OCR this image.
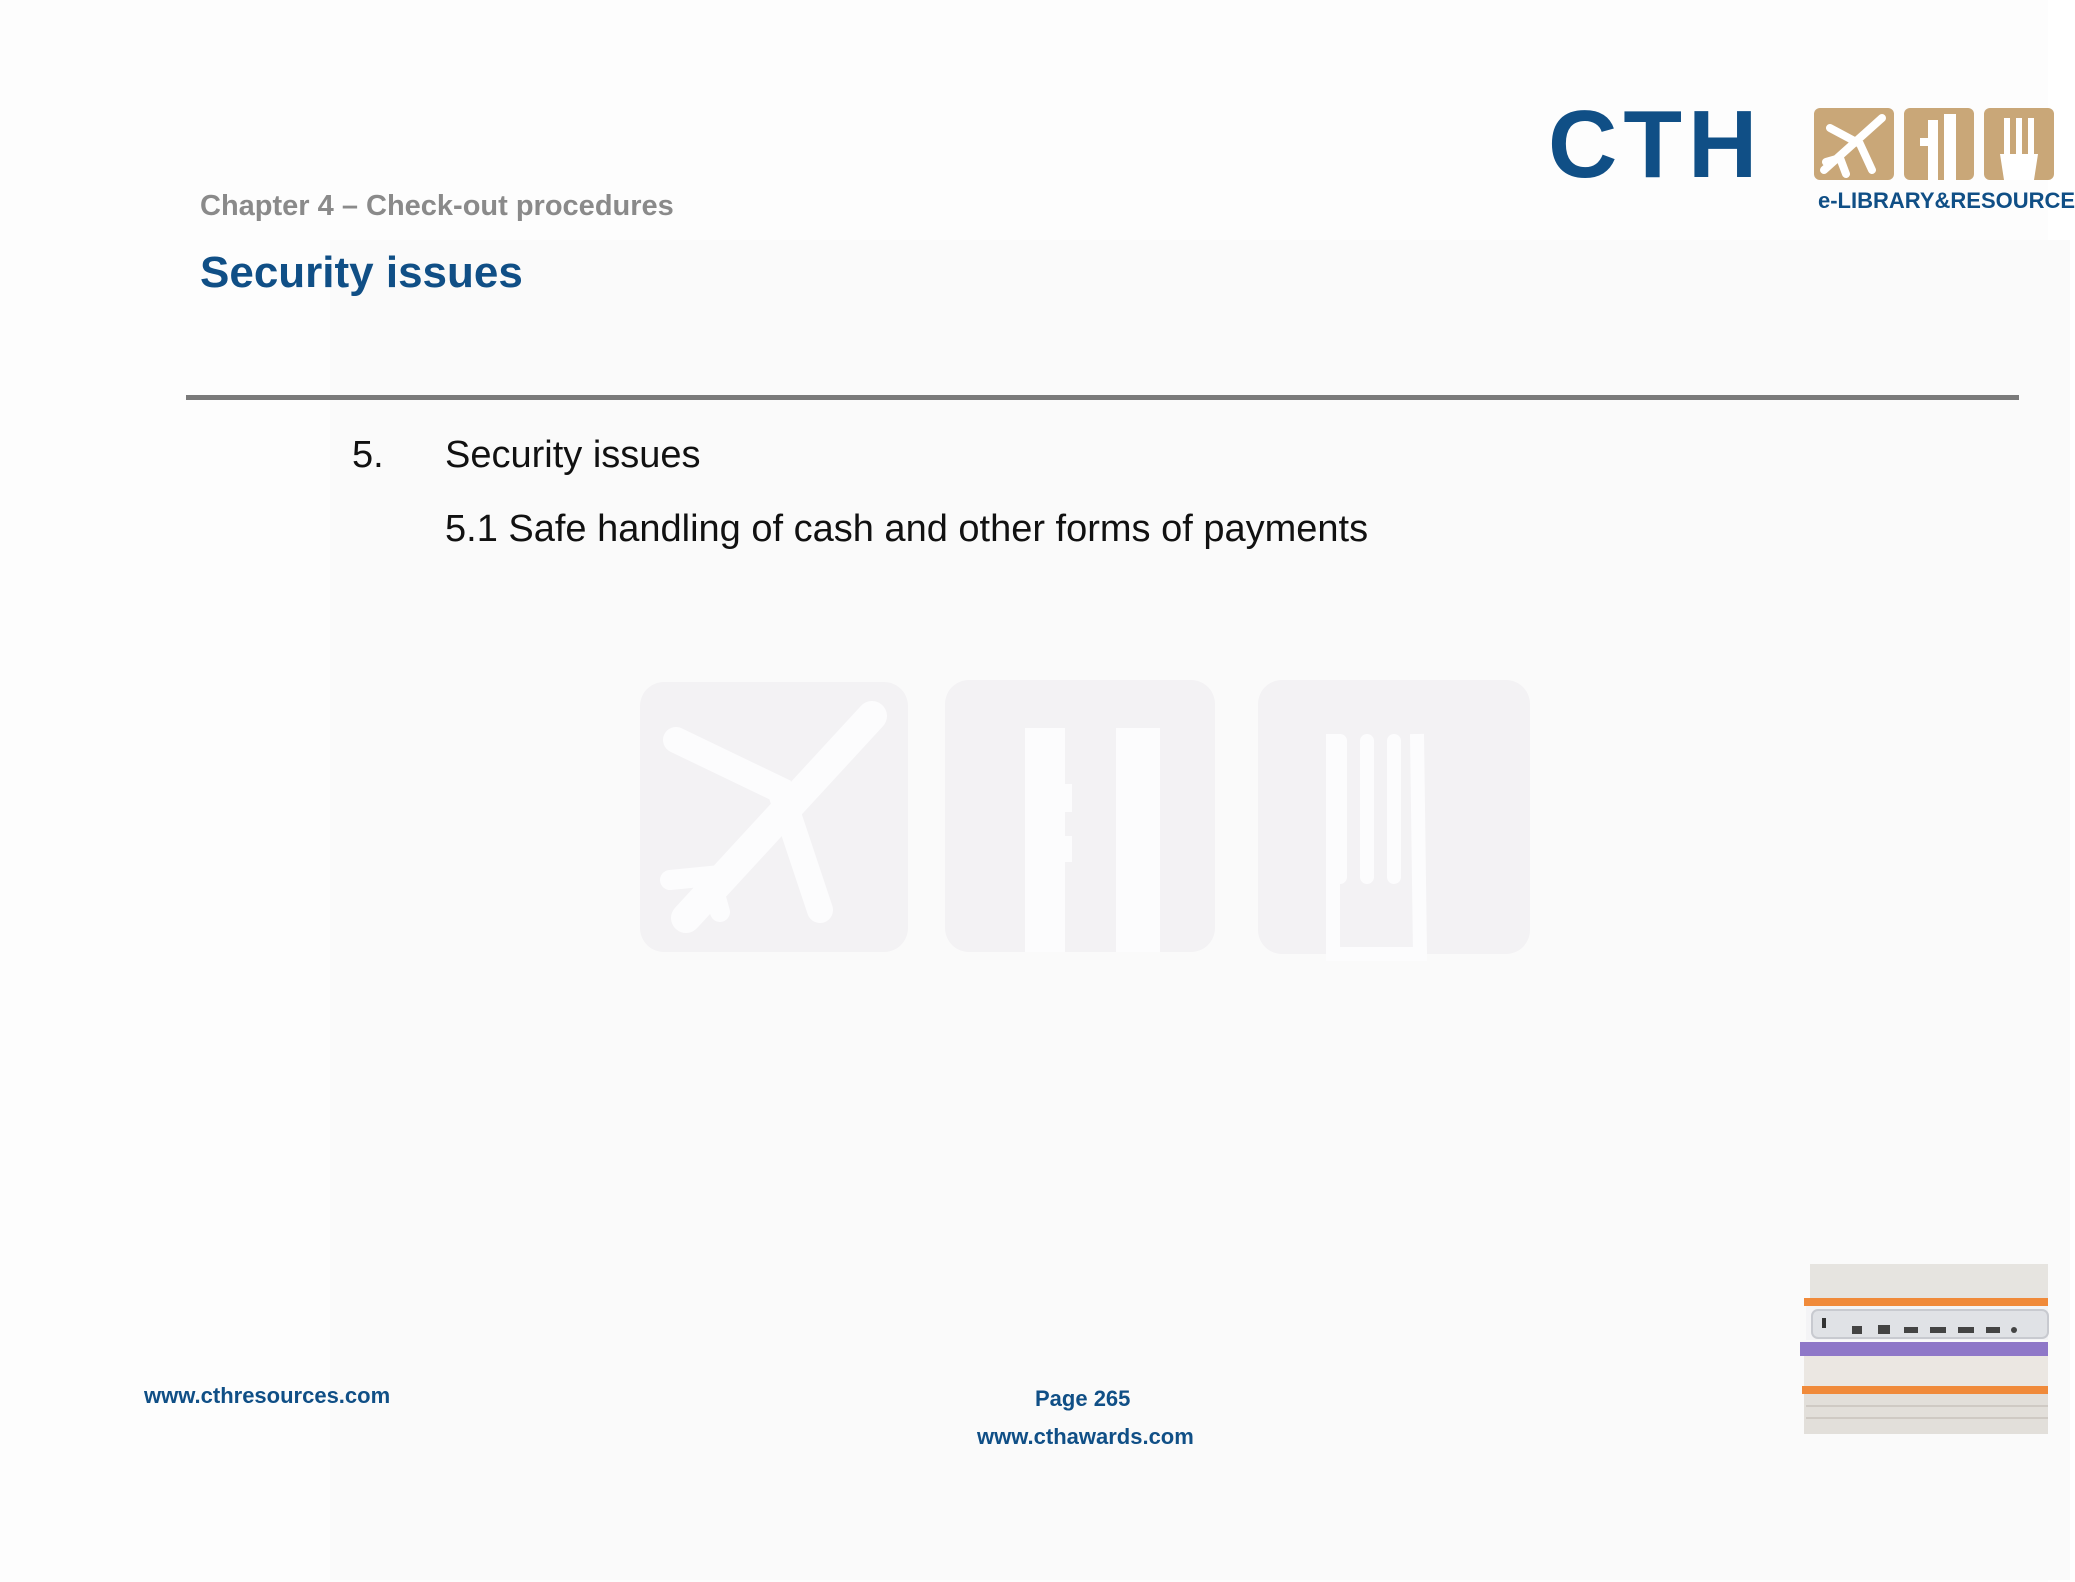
Chapter 4 – Check-out procedures
Security issues
CTH
e-LIBRARY&RESOURCE
5. Security issues
5.1 Safe handling of cash and other forms of payments
www.cthresources.com	Page 265
www.cthawards.com
